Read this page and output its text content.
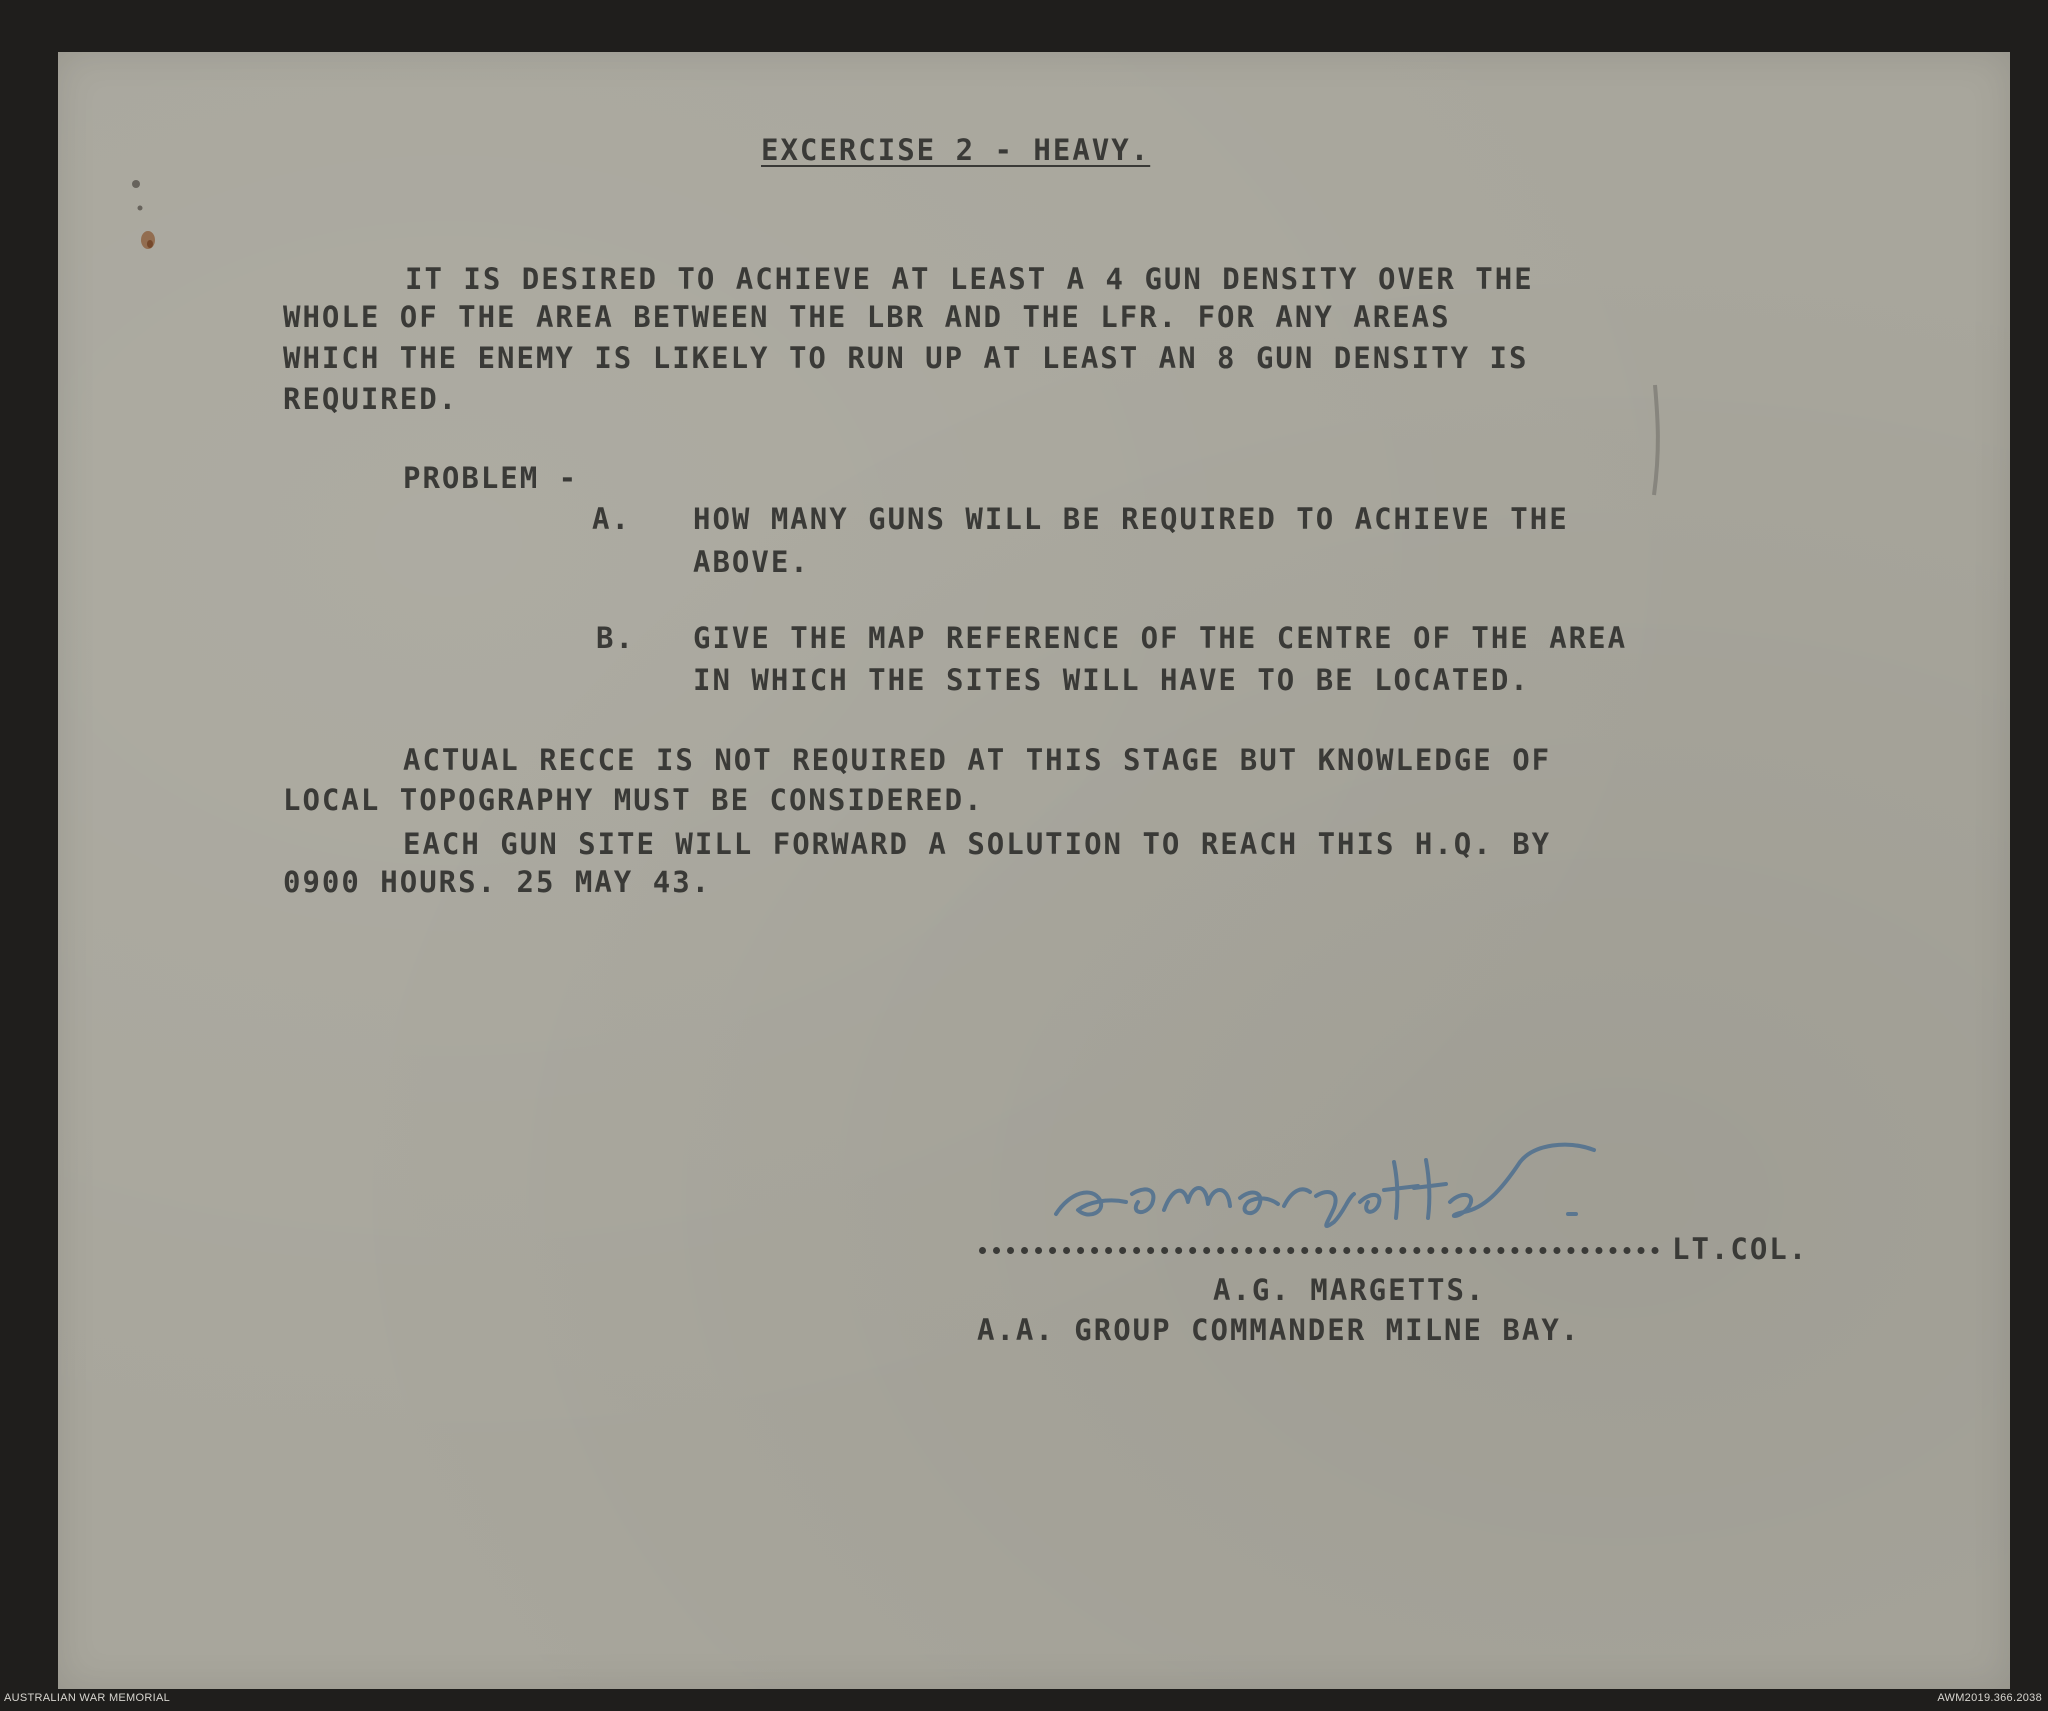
EXCERCISE 2 - HEAVY.
IT IS DESIRED TO ACHIEVE AT LEAST A 4 GUN DENSITY OVER THE
WHOLE OF THE AREA BETWEEN THE LBR AND THE LFR. FOR ANY AREAS
WHICH THE ENEMY IS LIKELY TO RUN UP AT LEAST AN 8 GUN DENSITY IS
REQUIRED.
PROBLEM -
A. HOW MANY GUNS WILL BE REQUIRED TO ACHIEVE THE
ABOVE.
B. GIVE THE MAP REFERENCE OF THE CENTRE OF THE AREA
IN WHICH THE SITES WILL HAVE TO BE LOCATED.
ACTUAL RECCE IS NOT REQUIRED AT THIS STAGE BUT KNOWLEDGE OF
LOCAL TOPOGRAPHY MUST BE CONSIDERED.
EACH GUN SITE WILL FORWARD A SOLUTION TO REACH THIS H.Q. BY
0900 HOURS. 25 MAY 43.
LT.COL.
A.G. MARGETTS.
A.A. GROUP COMMANDER MILNE BAY.
AUSTRALIAN WAR MEMORIAL	AWM2019.366.2038
